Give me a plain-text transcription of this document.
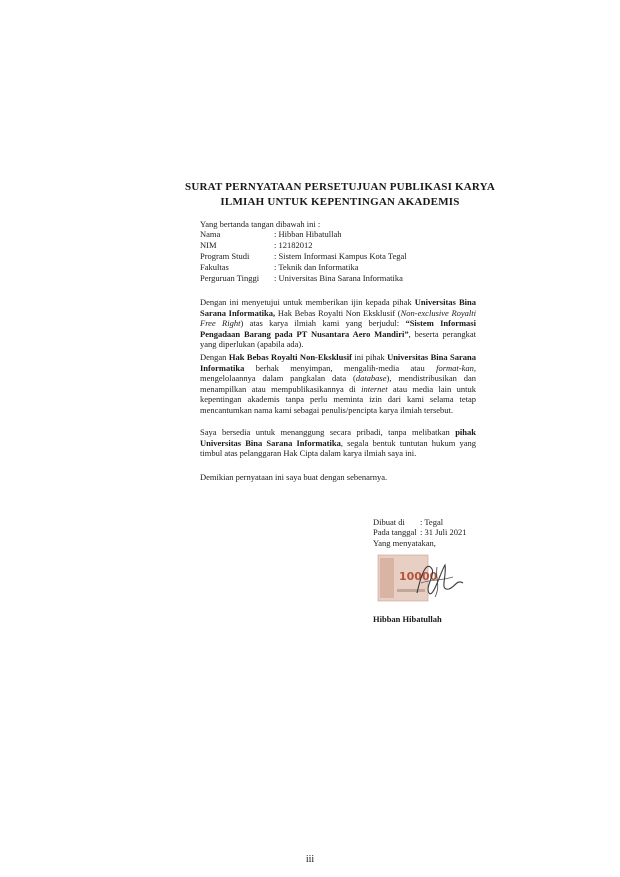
SURAT PERNYATAAN PERSETUJUAN PUBLIKASI KARYA
ILMIAH UNTUK KEPENTINGAN AKADEMIS
Yang bertanda tangan dibawah ini :
Nama	: Hibban Hibatullah
NIM	: 12182012
Program Studi	: Sistem Informasi Kampus Kota Tegal
Fakultas	: Teknik dan Informatika
Perguruan Tinggi : Universitas Bina Sarana Informatika
Dengan ini menyetujui untuk memberikan ijin kepada pihak Universitas Bina Sarana Informatika, Hak Bebas Royalti Non Eksklusif (Non-exclusive Royalti Free Right) atas karya ilmiah kami yang berjudul: “Sistem Informasi Pengadaan Barang pada PT Nusantara Aero Mandiri”, beserta perangkat yang diperlukan (apabila ada).
Dengan Hak Bebas Royalti Non-Eksklusif ini pihak Universitas Bina Sarana Informatika berhak menyimpan, mengalih-media atau format-kan, mengelolaannya dalam pangkalan data (database), mendistribusikan dan menampilkan atau mempublikasikannya di internet atau media lain untuk kepentingan akademis tanpa perlu meminta izin dari kami selama tetap mencantumkan nama kami sebagai penulis/pencipta karya ilmiah tersebut.
Saya bersedia untuk menanggung secara pribadi, tanpa melibatkan pihak Universitas Bina Sarana Informatika, segala bentuk tuntutan hukum yang timbul atas pelanggaran Hak Cipta dalam karya ilmiah saya ini.
Demikian pernyataan ini saya buat dengan sebenarnya.
Dibuat di : Tegal
Pada tanggal : 31 Juli 2021
Yang menyatakan,
10000
Hibban Hibatullah
iii
